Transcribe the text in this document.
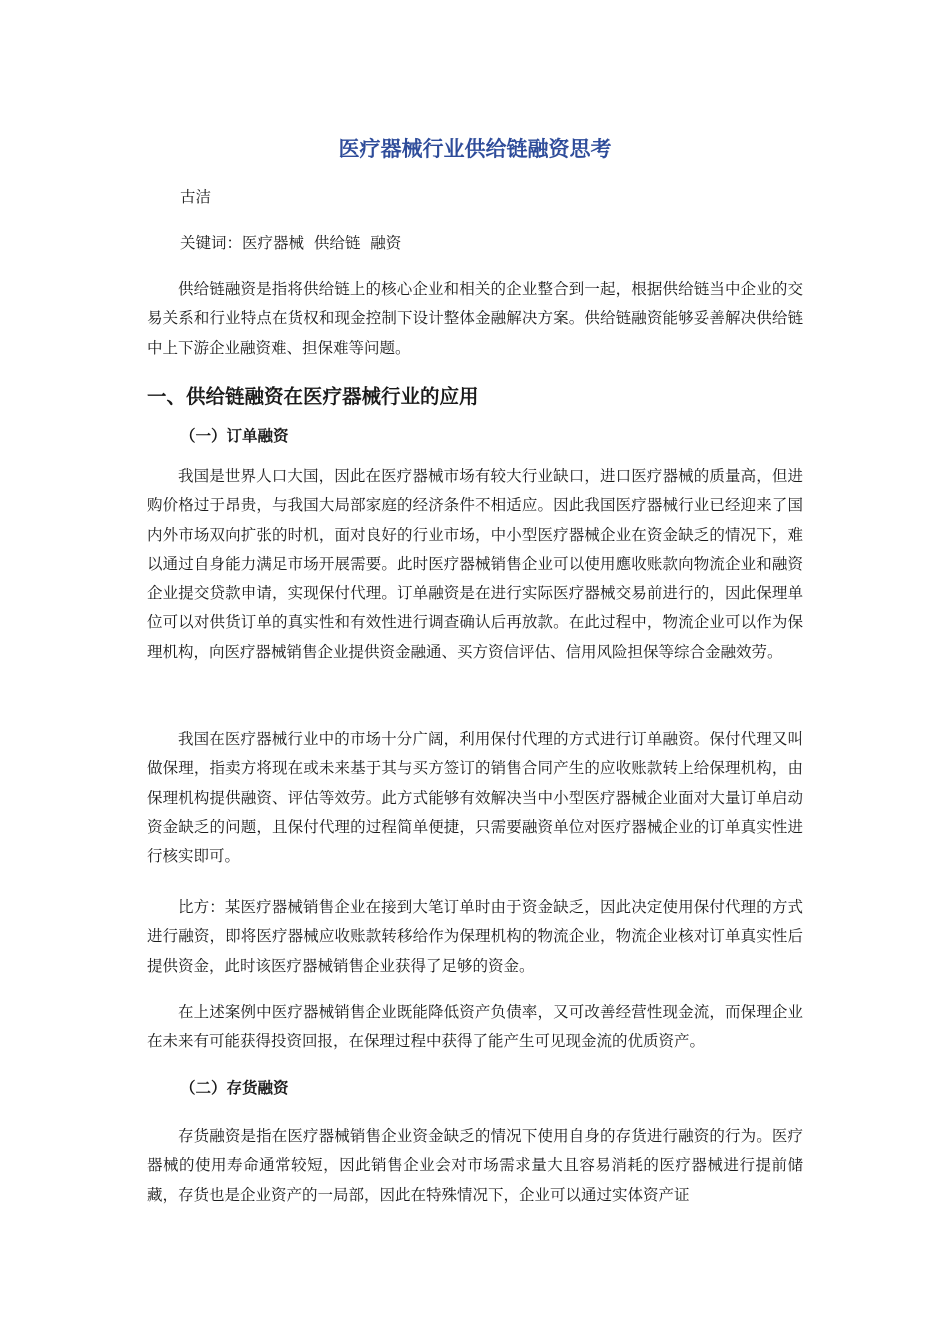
医疗器械行业供给链融资思考

古洁

关键词：医疗器械  供给链  融资

供给链融资是指将供给链上的核心企业和相关的企业整合到一起，根据供给链当中企业的交易关系和行业特点在货权和现金控制下设计整体金融解决方案。供给链融资能够妥善解决供给链中上下游企业融资难、担保难等问题。

一、供给链融资在医疗器械行业的应用
（一）订单融资

我国是世界人口大国，因此在医疗器械市场有较大行业缺口，进口医疗器械的质量高，但进购价格过于昂贵，与我国大局部家庭的经济条件不相适应。因此我国医疗器械行业已经迎来了国内外市场双向扩张的时机，面对良好的行业市场，中小型医疗器械企业在资金缺乏的情况下，难以通过自身能力满足市场开展需要。此时医疗器械销售企业可以使用應收账款向物流企业和融资企业提交贷款申请，实现保付代理。订单融资是在进行实际医疗器械交易前进行的，因此保理单位可以对供货订单的真实性和有效性进行调查确认后再放款。在此过程中，物流企业可以作为保理机构，向医疗器械销售企业提供资金融通、买方资信评估、信用风险担保等综合金融效劳。

我国在医疗器械行业中的市场十分广阔，利用保付代理的方式进行订单融资。保付代理又叫做保理，指卖方将现在或未来基于其与买方签订的销售合同产生的应收账款转上给保理机构，由保理机构提供融资、评估等效劳。此方式能够有效解决当中小型医疗器械企业面对大量订单启动资金缺乏的问题，且保付代理的过程简单便捷，只需要融资单位对医疗器械企业的订单真实性进行核实即可。

比方：某医疗器械销售企业在接到大笔订单时由于资金缺乏，因此决定使用保付代理的方式进行融资，即将医疗器械应收账款转移给作为保理机构的物流企业，物流企业核对订单真实性后提供资金，此时该医疗器械销售企业获得了足够的资金。

在上述案例中医疗器械销售企业既能降低资产负债率，又可改善经营性现金流，而保理企业在未来有可能获得投资回报，在保理过程中获得了能产生可见现金流的优质资产。

（二）存货融资

存货融资是指在医疗器械销售企业资金缺乏的情况下使用自身的存货进行融资的行为。医疗器械的使用寿命通常较短，因此销售企业会对市场需求量大且容易消耗的医疗器械进行提前储藏，存货也是企业资产的一局部，因此在特殊情况下，企业可以通过实体资产证
